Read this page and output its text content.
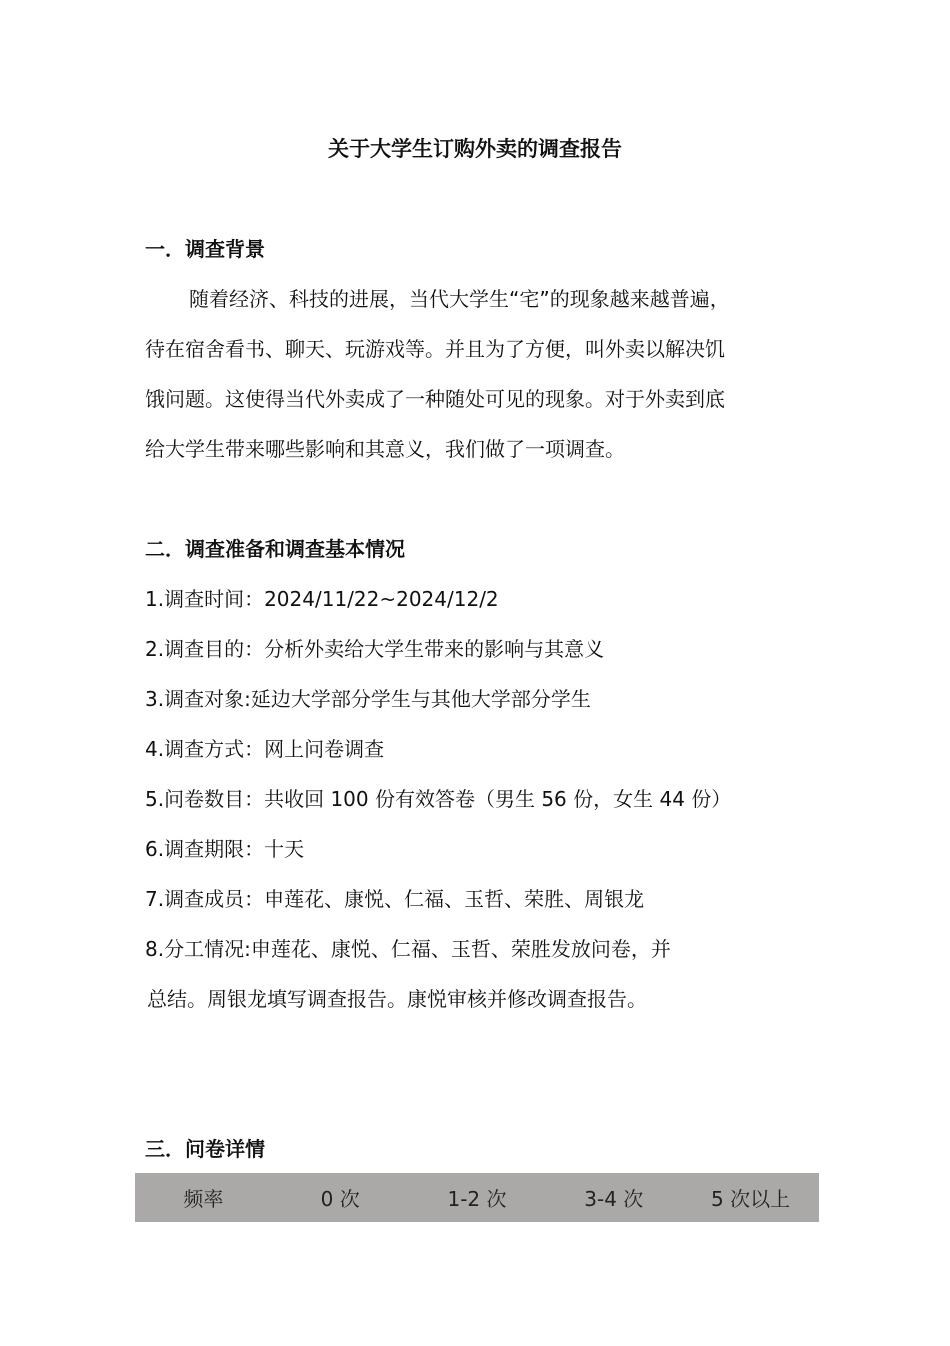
关于大学生订购外卖的调查报告
一．调查背景
随着经济、科技的进展，当代大学生“宅”的现象越来越普遍，
待在宿舍看书、聊天、玩游戏等。并且为了方便，叫外卖以解决饥
饿问题。这使得当代外卖成了一种随处可见的现象。对于外卖到底
给大学生带来哪些影响和其意义，我们做了一项调查。
二．调查准备和调查基本情况
1.调查时间：2024/11/22~2024/12/2
2.调查目的：分析外卖给大学生带来的影响与其意义
3.调查对象:延边大学部分学生与其他大学部分学生
4.调查方式：网上问卷调查
5.问卷数目：共收回 100 份有效答卷（男生 56 份，女生 44 份）
6.调查期限：十天
7.调查成员：申莲花、康悦、仁福、玉哲、荣胜、周银龙
8.分工情况:申莲花、康悦、仁福、玉哲、荣胜发放问卷，并
总结。周银龙填写调查报告。康悦审核并修改调查报告。
三．问卷详情
频率	0 次	1-2 次	3-4 次	5 次以上
